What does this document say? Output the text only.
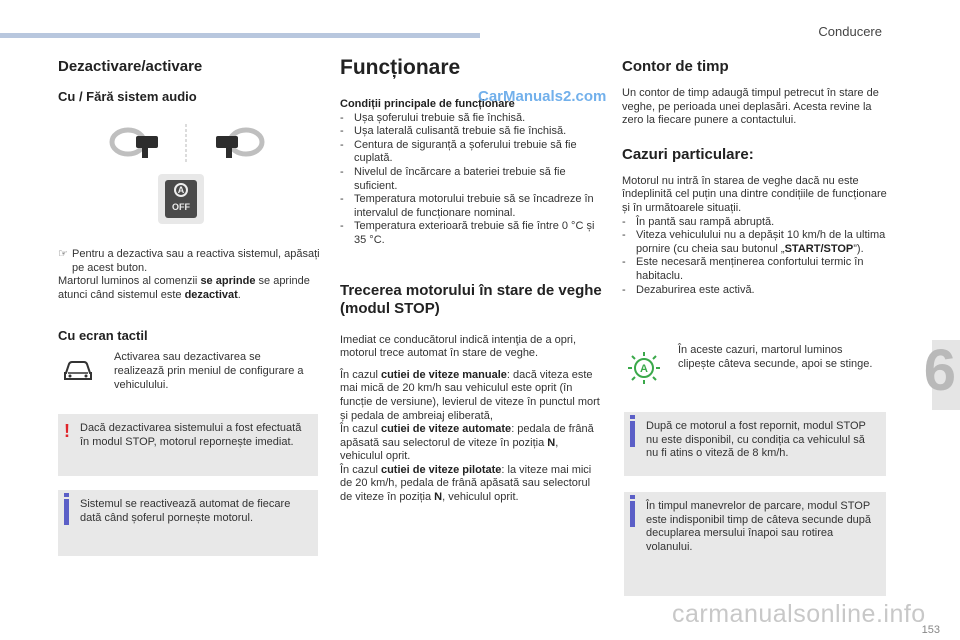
Conducere
6
153
Dezactivare/activare
Cu / Fără sistem audio
A
OFF

☞ Pentru a dezactiva sau a reactiva sistemul, apăsați pe acest buton.

Martorul luminos al comenzii se aprinde se aprinde atunci când sistemul este dezactivat.

Cu ecran tactil

Activarea sau dezactivarea se realizează prin meniul de configurare a vehiculului.

! Dacă dezactivarea sistemului a fost efectuată în modul STOP, motorul repornește imediat.
Sistemul se reactivează automat de fiecare dată când șoferul pornește motorul.
Funcționare

Condiții principale de funcționare

- Ușa șoferului trebuie să fie închisă.
- Ușa laterală culisantă trebuie să fie închisă.
- Centura de siguranță a șoferului trebuie să fie cuplată.
- Nivelul de încărcare a bateriei trebuie să fie suficient.
- Temperatura motorului trebuie să se încadreze în intervalul de funcționare nominal.
- Temperatura exterioară trebuie să fie între 0 °C și 35 °C.
Trecerea motorului în stare de veghe (modul STOP)

Imediat ce conducătorul indică intenţia de a opri, motorul trece automat în stare de veghe.

În cazul cutiei de viteze manuale: dacă viteza este mai mică de 20 km/h sau vehiculul este oprit (în funcție de versiune), levierul de viteze în punctul mort și pedala de ambreiaj eliberată,

În cazul cutiei de viteze automate: pedala de frână apăsată sau selectorul de viteze în poziția N, vehiculul oprit.

În cazul cutiei de viteze pilotate: la viteze mai mici de 20 km/h, pedala de frână apăsată sau selectorul de viteze în poziția N, vehiculul oprit.

Contor de timp

Un contor de timp adaugă timpul petrecut în stare de veghe, pe perioada unei deplasări. Acesta revine la zero la fiecare punere a contactului.

Cazuri particulare:

Motorul nu intră în starea de veghe dacă nu este îndeplinită cel puțin una dintre condițiile de funcționare și în următoarele situații.

- În pantă sau rampă abruptă.
- Viteza vehiculului nu a depășit 10 km/h de la ultima pornire (cu cheia sau butonul „START/STOP”).
- Este necesară menținerea confortului termic în habitaclu.
- Dezaburirea este activă.
A

În aceste cazuri, martorul luminos clipește câteva secunde, apoi se stinge.

După ce motorul a fost repornit, modul STOP nu este disponibil, cu condiția ca vehiculul să nu fi atins o viteză de 8 km/h.
În timpul manevrelor de parcare, modul STOP este indisponibil timp de câteva secunde după decuplarea mersului înapoi sau rotirea volanului.
CarManuals2.com
carmanualsonline.info
